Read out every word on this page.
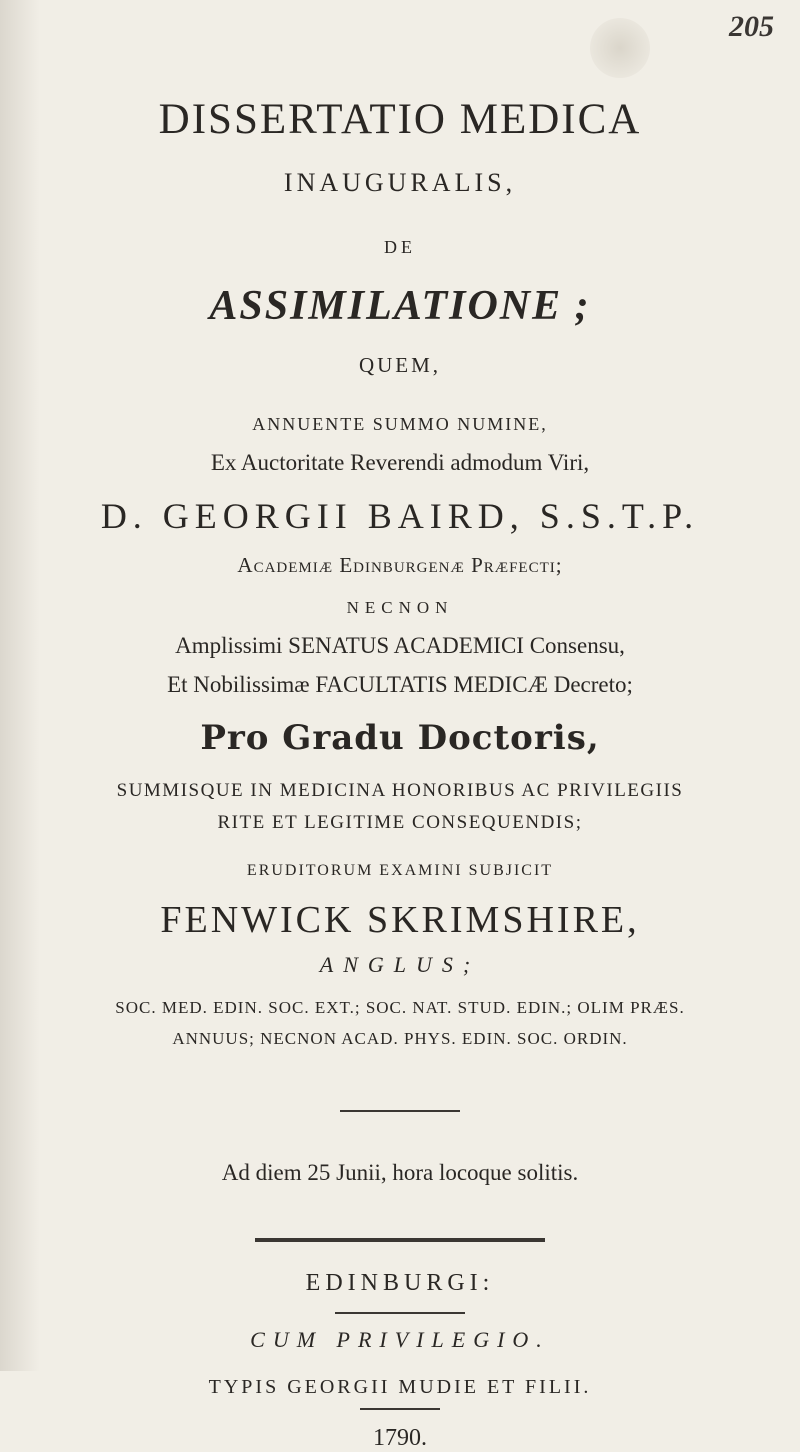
205
DISSERTATIO MEDICA
INAUGURALIS,
DE
ASSIMILATIONE ;
QUEM,
ANNUENTE SUMMO NUMINE,
Ex Auctoritate Reverendi admodum Viri,
D. GEORGII BAIRD, S.S.T.P.
Academiæ Edinburgenæ Præfecti;
NECNON
Amplissimi SENATUS ACADEMICI Consensu,
Et Nobilissimæ FACULTATIS MEDICÆ Decreto;
Pro Gradu Doctoris,
SUMMISQUE IN MEDICINA HONORIBUS AC PRIVILEGIIS
RITE ET LEGITIME CONSEQUENDIS;
ERUDITORUM EXAMINI SUBJICIT
FENWICK SKRIMSHIRE,
ANGLUS;
SOC. MED. EDIN. SOC. EXT.; SOC. NAT. STUD. EDIN.; OLIM PRÆS.
ANNUUS; NECNON ACAD. PHYS. EDIN. SOC. ORDIN.
Ad diem 25 Junii, hora locoque solitis.
EDINBURGI:
CUM PRIVILEGIO.
TYPIS GEORGII MUDIE ET FILII.
1790.
